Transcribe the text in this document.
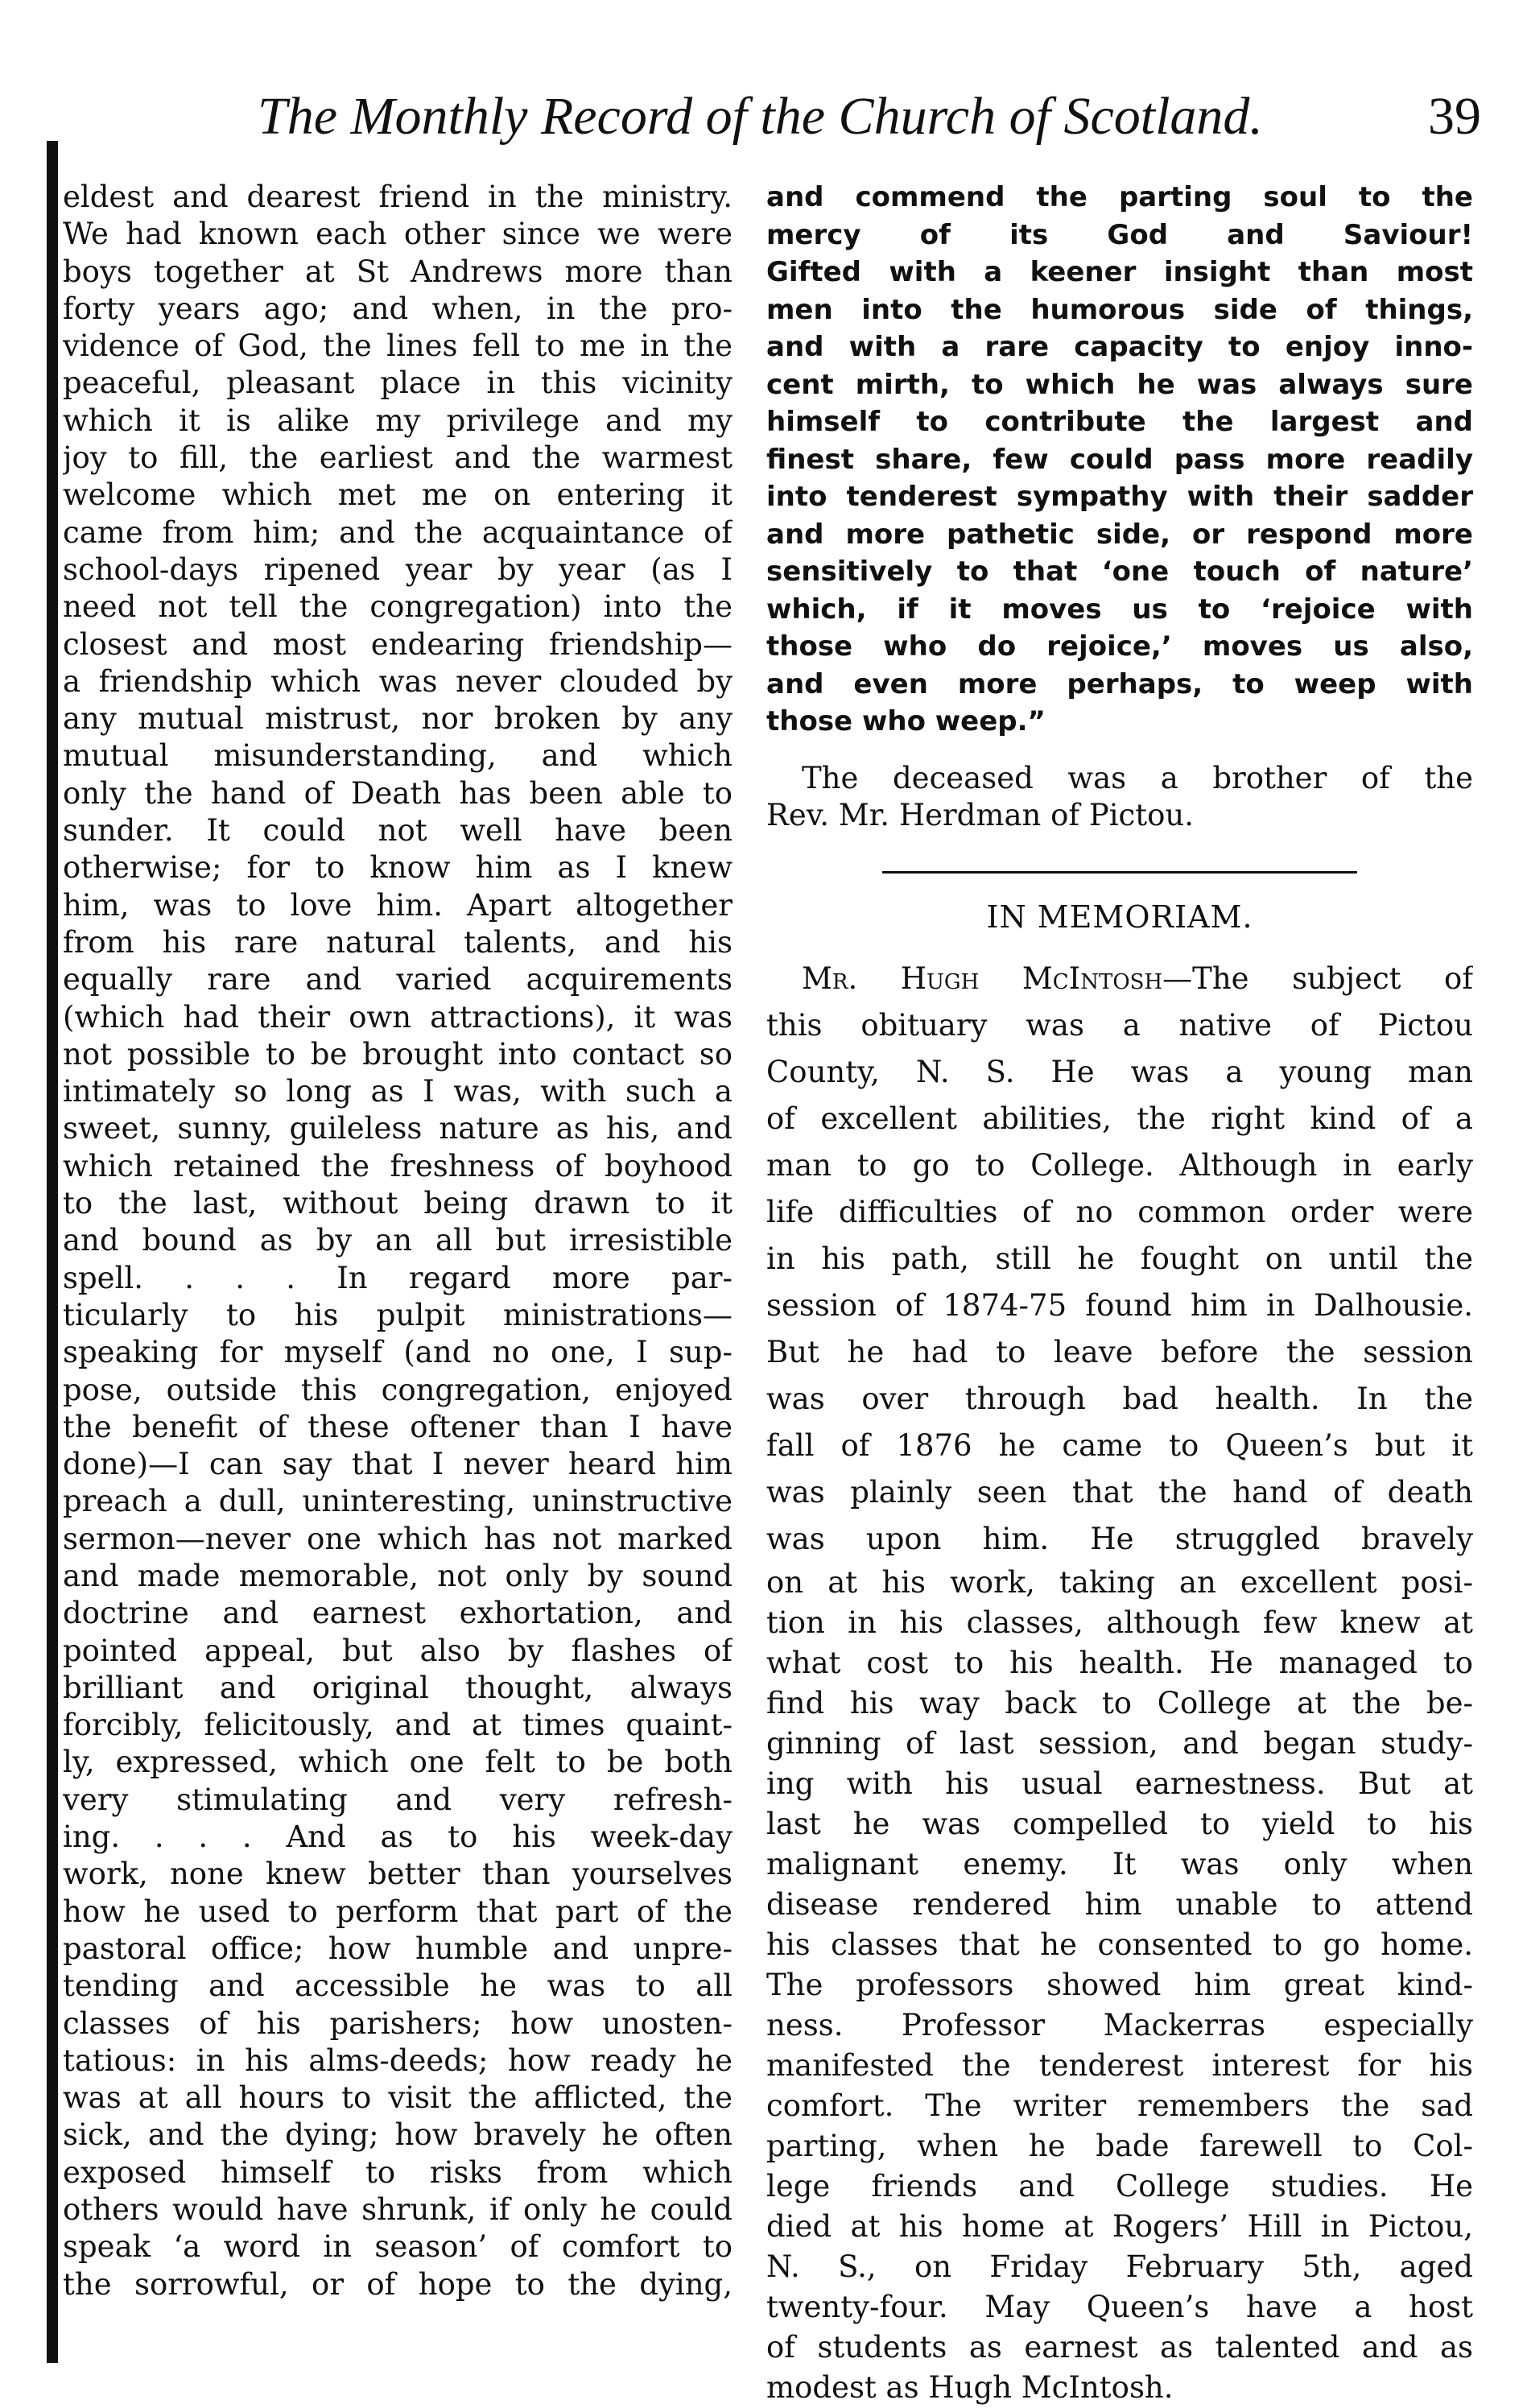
The Monthly Record of the Church of Scotland.	39

eldest and dearest friend in the ministry.

We had known each other since we were

boys together at St Andrews more than

forty years ago; and when, in the pro-

vidence of God, the lines fell to me in the

peaceful, pleasant place in this vicinity

which it is alike my privilege and my

joy to fill, the earliest and the warmest

welcome which met me on entering it

came from him; and the acquaintance of

school-days ripened year by year (as I

need not tell the congregation) into the

closest and most endearing friendship—

a friendship which was never clouded by

any mutual mistrust, nor broken by any

mutual misunderstanding, and which

only the hand of Death has been able to

sunder. It could not well have been

otherwise; for to know him as I knew

him, was to love him. Apart altogether

from his rare natural talents, and his

equally rare and varied acquirements

(which had their own attractions), it was

not possible to be brought into contact so

intimately so long as I was, with such a

sweet, sunny, guileless nature as his, and

which retained the freshness of boyhood

to the last, without being drawn to it

and bound as by an all but irresistible

spell. . . . In regard more par-

ticularly to his pulpit ministrations—

speaking for myself (and no one, I sup-

pose, outside this congregation, enjoyed

the benefit of these oftener than I have

done)—I can say that I never heard him

preach a dull, uninteresting, uninstructive

sermon—never one which has not marked

and made memorable, not only by sound

doctrine and earnest exhortation, and

pointed appeal, but also by flashes of

brilliant and original thought, always

forcibly, felicitously, and at times quaint-

ly, expressed, which one felt to be both

very stimulating and very refresh-

ing. . . . And as to his week-day

work, none knew better than yourselves

how he used to perform that part of the

pastoral office; how humble and unpre-

tending and accessible he was to all

classes of his parishers; how unosten-

tatious: in his alms-deeds; how ready he

was at all hours to visit the afflicted, the

sick, and the dying; how bravely he often

exposed himself to risks from which

others would have shrunk, if only he could

speak ‘a word in season’ of comfort to

the sorrowful, or of hope to the dying,

and commend the parting soul to the

mercy of its God and Saviour!

Gifted with a keener insight than most

men into the humorous side of things,

and with a rare capacity to enjoy inno-

cent mirth, to which he was always sure

himself to contribute the largest and

finest share, few could pass more readily

into tenderest sympathy with their sadder

and more pathetic side, or respond more

sensitively to that ‘one touch of nature’

which, if it moves us to ‘rejoice with

those who do rejoice,’ moves us also,

and even more perhaps, to weep with

those who weep.”

The deceased was a brother of the

Rev. Mr. Herdman of Pictou.

IN MEMORIAM.

Mr. Hugh McIntosh—The subject of

this obituary was a native of Pictou

County, N. S. He was a young man

of excellent abilities, the right kind of a

man to go to College. Although in early

life difficulties of no common order were

in his path, still he fought on until the

session of 1874-75 found him in Dalhousie.

But he had to leave before the session

was over through bad health. In the

fall of 1876 he came to Queen’s but it

was plainly seen that the hand of death

was upon him. He struggled bravely

on at his work, taking an excellent posi-

tion in his classes, although few knew at

what cost to his health. He managed to

find his way back to College at the be-

ginning of last session, and began study-

ing with his usual earnestness. But at

last he was compelled to yield to his

malignant enemy. It was only when

disease rendered him unable to attend

his classes that he consented to go home.

The professors showed him great kind-

ness. Professor Mackerras especially

manifested the tenderest interest for his

comfort. The writer remembers the sad

parting, when he bade farewell to Col-

lege friends and College studies. He

died at his home at Rogers’ Hill in Pictou,

N. S., on Friday February 5th, aged

twenty-four. May Queen’s have a host

of students as earnest as talented and as

modest as Hugh McIntosh.
